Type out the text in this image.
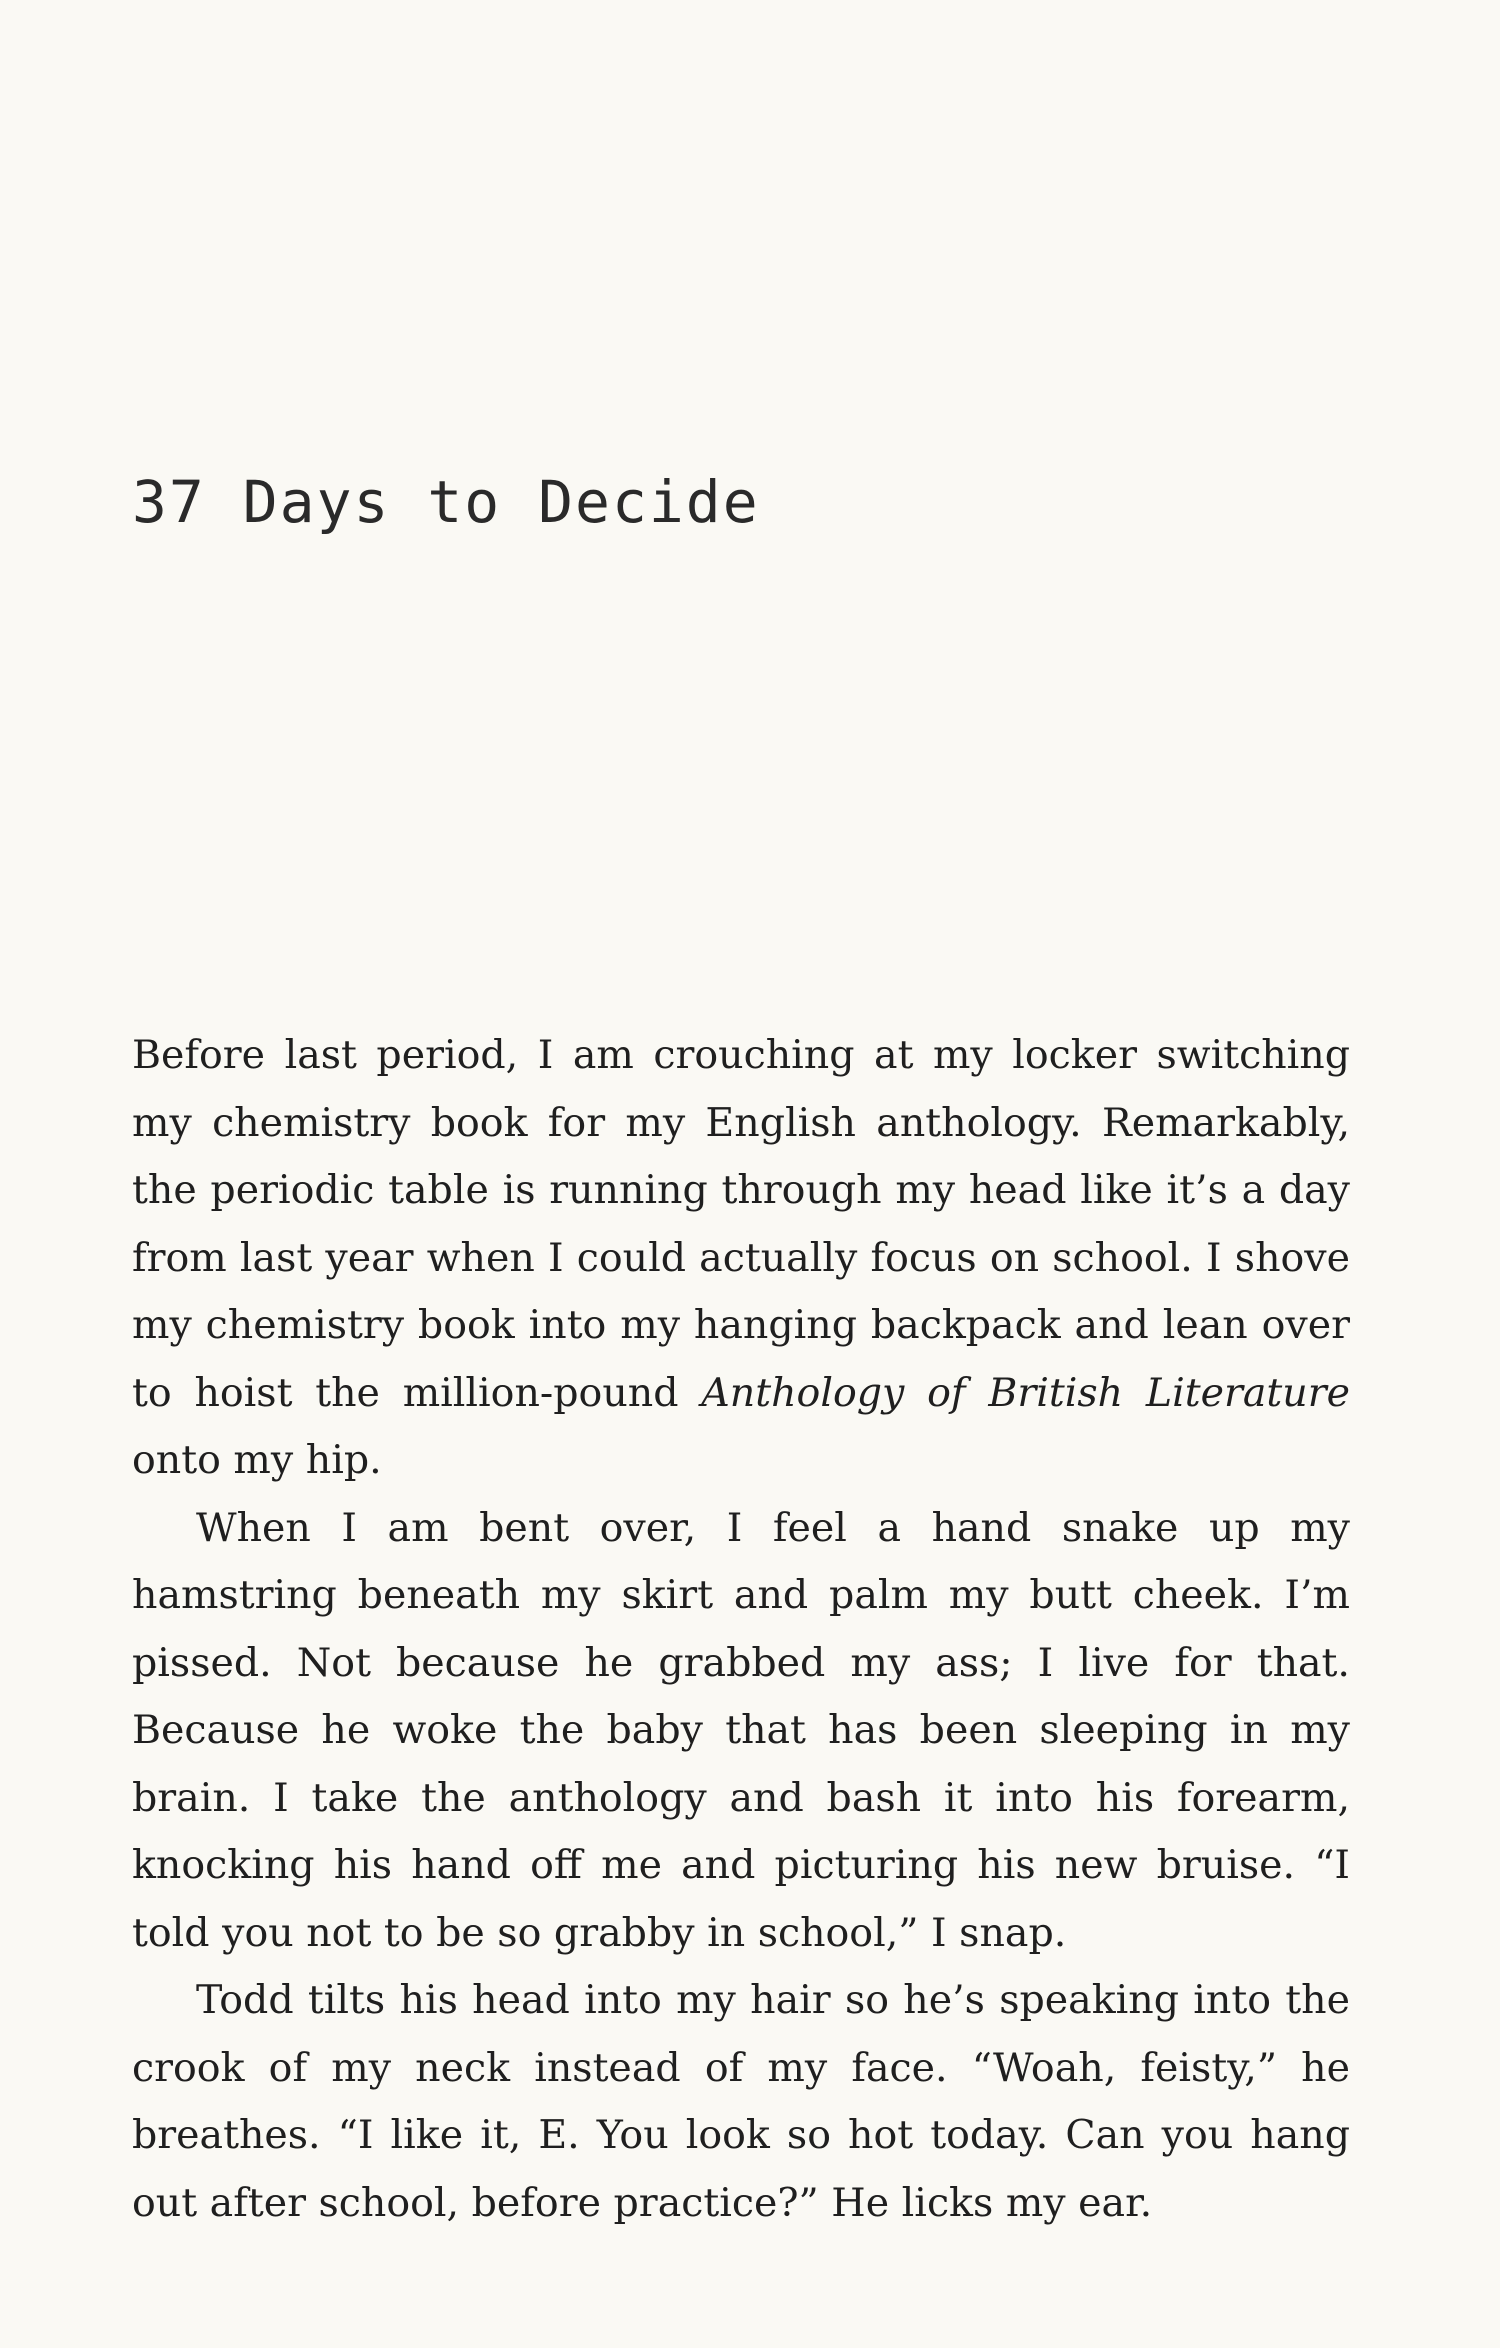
37 Days to Decide

Before last period, I am crouching at my locker switching my chemistry book for my English anthology. Remarkably, the periodic table is running through my head like it’s a day from last year when I could actually focus on school. I shove my chemistry book into my hanging backpack and lean over to hoist the million-pound Anthology of British Literature onto my hip.

When I am bent over, I feel a hand snake up my hamstring beneath my skirt and palm my butt cheek. I’m pissed. Not because he grabbed my ass; I live for that. Because he woke the baby that has been sleeping in my brain. I take the anthology and bash it into his forearm, knocking his hand off me and picturing his new bruise. “I told you not to be so grabby in school,” I snap.

Todd tilts his head into my hair so he’s speaking into the crook of my neck instead of my face. “Woah, feisty,” he breathes. “I like it, E. You look so hot today. Can you hang out after school, before practice?” He licks my ear.
